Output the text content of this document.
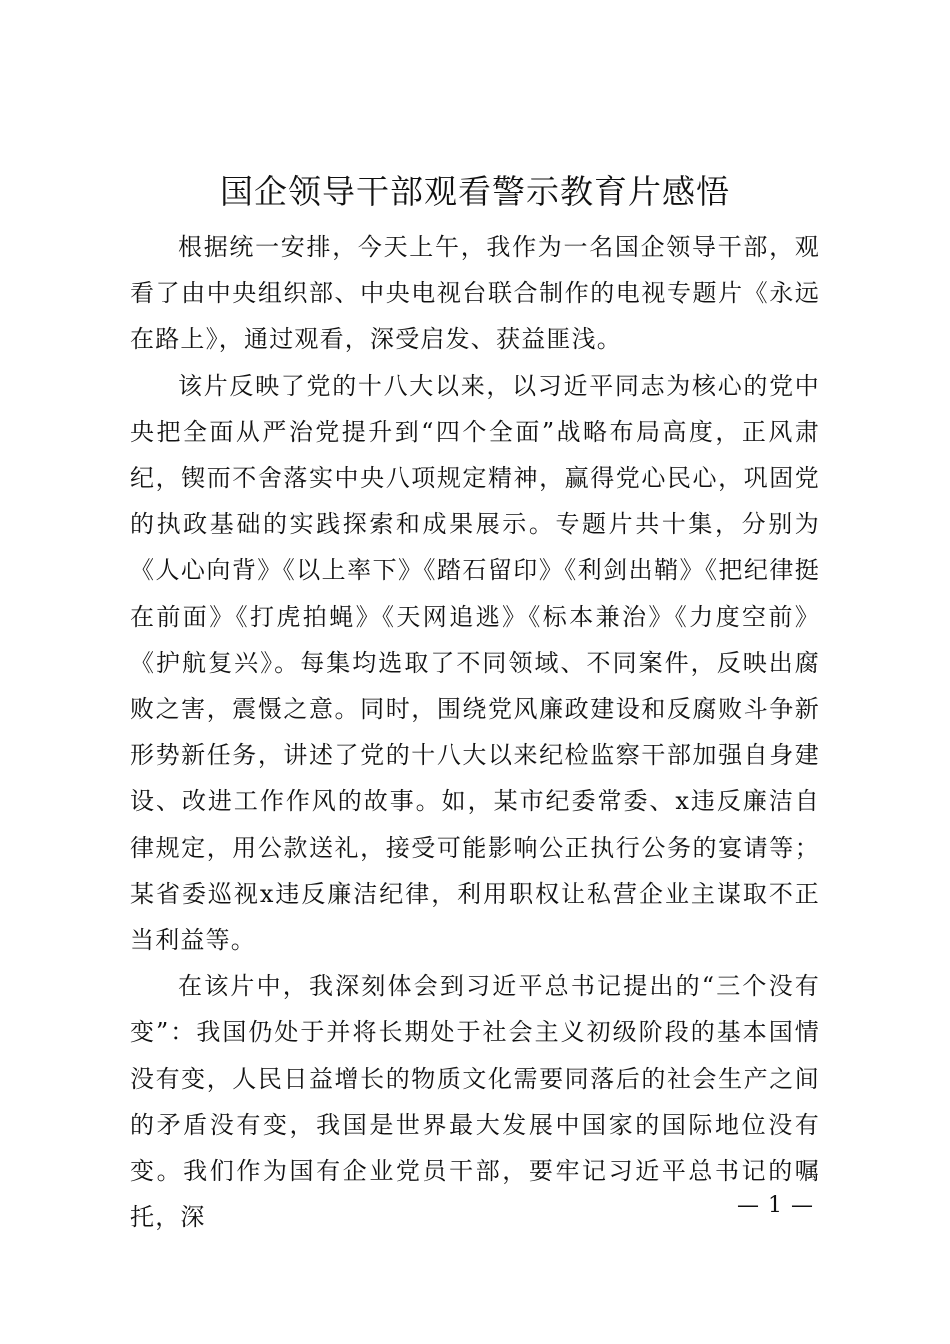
国企领导干部观看警示教育片感悟

根据统一安排，今天上午，我作为一名国企领导干部，观看了由中央组织部、中央电视台联合制作的电视专题片《永远在路上》，通过观看，深受启发、获益匪浅。

该片反映了党的十八大以来，以习近平同志为核心的党中央把全面从严治党提升到“四个全面”战略布局高度，正风肃纪，锲而不舍落实中央八项规定精神，赢得党心民心，巩固党的执政基础的实践探索和成果展示。专题片共十集，分别为《人心向背》《以上率下》《踏石留印》《利剑出鞘》《把纪律挺在前面》《打虎拍蝇》《天网追逃》《标本兼治》《力度空前》《护航复兴》。每集均选取了不同领域、不同案件，反映出腐败之害，震慑之意。同时，围绕党风廉政建设和反腐败斗争新形势新任务，讲述了党的十八大以来纪检监察干部加强自身建设、改进工作作风的故事。如，某市纪委常委、x违反廉洁自律规定，用公款送礼，接受可能影响公正执行公务的宴请等；某省委巡视x违反廉洁纪律，利用职权让私营企业主谋取不正当利益等。

在该片中，我深刻体会到习近平总书记提出的“三个没有变”：我国仍处于并将长期处于社会主义初级阶段的基本国情没有变，人民日益增长的物质文化需要同落后的社会生产之间的矛盾没有变，我国是世界最大发展中国家的国际地位没有变。我们作为国有企业党员干部，要牢记习近平总书记的嘱托，深	— 1 —
